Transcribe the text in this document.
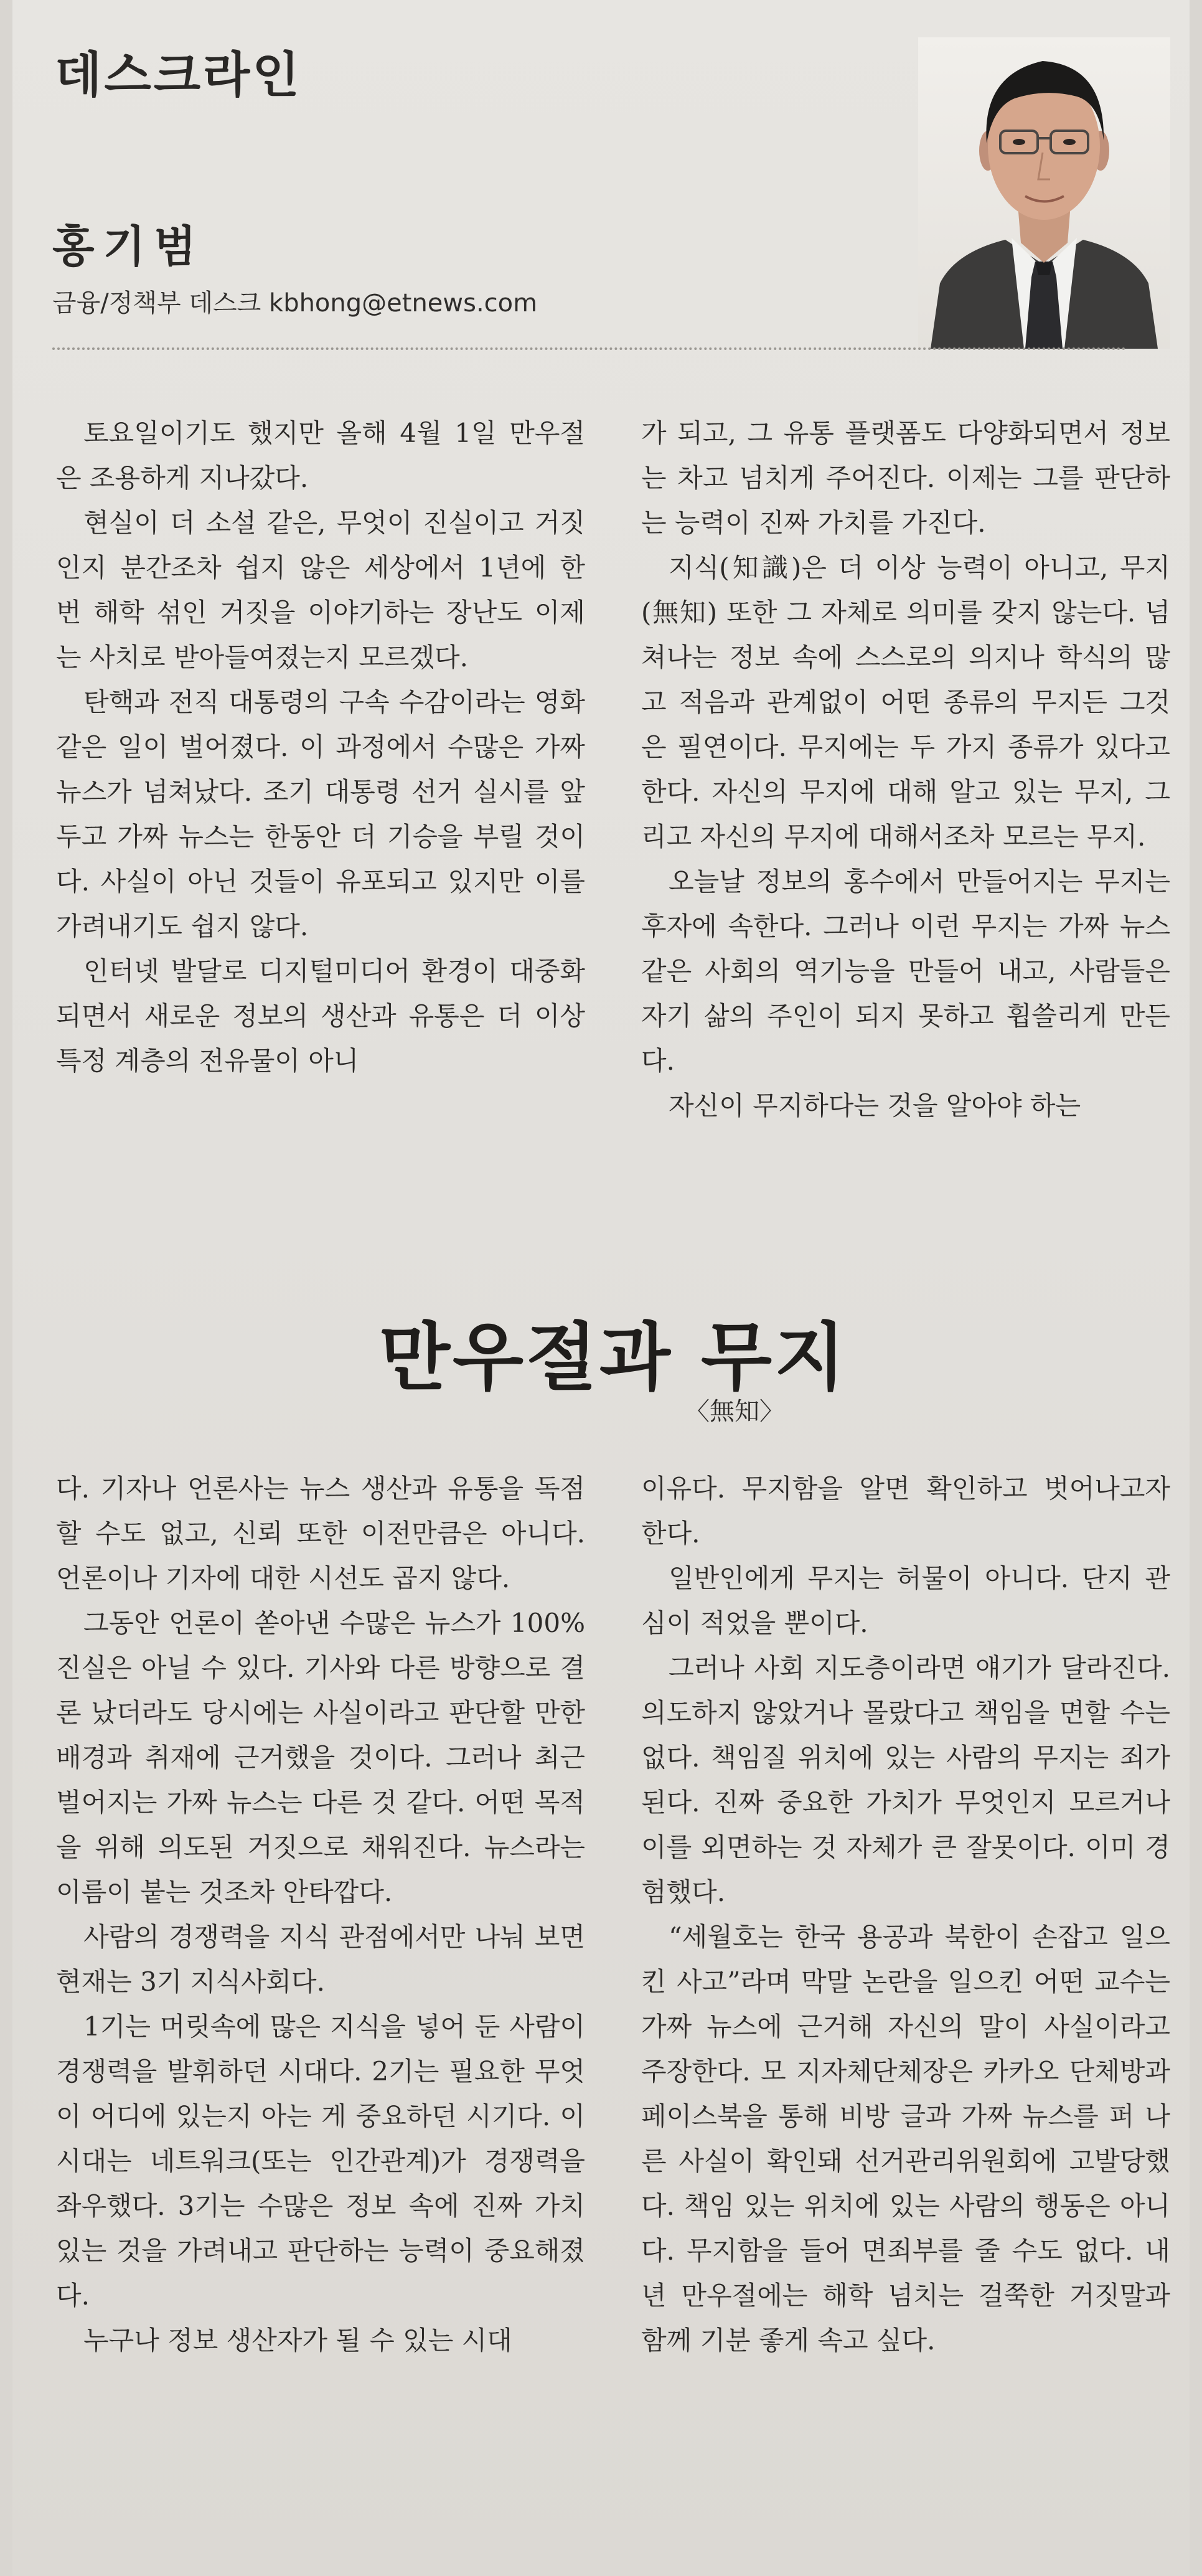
데스크라인
홍기범
금융/정책부 데스크 kbhong@etnews.com

토요일이기도 했지만 올해 4월 1일 만우절은 조용하게 지나갔다.

현실이 더 소설 같은, 무엇이 진실이고 거짓인지 분간조차 쉽지 않은 세상에서 1년에 한 번 해학 섞인 거짓을 이야기하는 장난도 이제는 사치로 받아들여졌는지 모르겠다.

탄핵과 전직 대통령의 구속 수감이라는 영화 같은 일이 벌어졌다. 이 과정에서 수많은 가짜 뉴스가 넘쳐났다. 조기 대통령 선거 실시를 앞두고 가짜 뉴스는 한동안 더 기승을 부릴 것이다. 사실이 아닌 것들이 유포되고 있지만 이를 가려내기도 쉽지 않다.

인터넷 발달로 디지털미디어 환경이 대중화되면서 새로운 정보의 생산과 유통은 더 이상 특정 계층의 전유물이 아니

가 되고, 그 유통 플랫폼도 다양화되면서 정보는 차고 넘치게 주어진다. 이제는 그를 판단하는 능력이 진짜 가치를 가진다.

지식(知識)은 더 이상 능력이 아니고, 무지(無知) 또한 그 자체로 의미를 갖지 않는다. 넘쳐나는 정보 속에 스스로의 의지나 학식의 많고 적음과 관계없이 어떤 종류의 무지든 그것은 필연이다. 무지에는 두 가지 종류가 있다고 한다. 자신의 무지에 대해 알고 있는 무지, 그리고 자신의 무지에 대해서조차 모르는 무지.

오늘날 정보의 홍수에서 만들어지는 무지는 후자에 속한다. 그러나 이런 무지는 가짜 뉴스 같은 사회의 역기능을 만들어 내고, 사람들은 자기 삶의 주인이 되지 못하고 휩쓸리게 만든다.

자신이 무지하다는 것을 알아야 하는

만우절과 무지
〈無知〉

다. 기자나 언론사는 뉴스 생산과 유통을 독점할 수도 없고, 신뢰 또한 이전만큼은 아니다. 언론이나 기자에 대한 시선도 곱지 않다.

그동안 언론이 쏟아낸 수많은 뉴스가 100% 진실은 아닐 수 있다. 기사와 다른 방향으로 결론 났더라도 당시에는 사실이라고 판단할 만한 배경과 취재에 근거했을 것이다. 그러나 최근 벌어지는 가짜 뉴스는 다른 것 같다. 어떤 목적을 위해 의도된 거짓으로 채워진다. 뉴스라는 이름이 붙는 것조차 안타깝다.

사람의 경쟁력을 지식 관점에서만 나눠 보면 현재는 3기 지식사회다.

1기는 머릿속에 많은 지식을 넣어 둔 사람이 경쟁력을 발휘하던 시대다. 2기는 필요한 무엇이 어디에 있는지 아는 게 중요하던 시기다. 이 시대는 네트워크(또는 인간관계)가 경쟁력을 좌우했다. 3기는 수많은 정보 속에 진짜 가치 있는 것을 가려내고 판단하는 능력이 중요해졌다.

누구나 정보 생산자가 될 수 있는 시대

이유다. 무지함을 알면 확인하고 벗어나고자 한다.

일반인에게 무지는 허물이 아니다. 단지 관심이 적었을 뿐이다.

그러나 사회 지도층이라면 얘기가 달라진다. 의도하지 않았거나 몰랐다고 책임을 면할 수는 없다. 책임질 위치에 있는 사람의 무지는 죄가 된다. 진짜 중요한 가치가 무엇인지 모르거나 이를 외면하는 것 자체가 큰 잘못이다. 이미 경험했다.

“세월호는 한국 용공과 북한이 손잡고 일으킨 사고”라며 막말 논란을 일으킨 어떤 교수는 가짜 뉴스에 근거해 자신의 말이 사실이라고 주장한다. 모 지자체단체장은 카카오 단체방과 페이스북을 통해 비방 글과 가짜 뉴스를 퍼 나른 사실이 확인돼 선거관리위원회에 고발당했다. 책임 있는 위치에 있는 사람의 행동은 아니다. 무지함을 들어 면죄부를 줄 수도 없다. 내년 만우절에는 해학 넘치는 걸쭉한 거짓말과 함께 기분 좋게 속고 싶다.
